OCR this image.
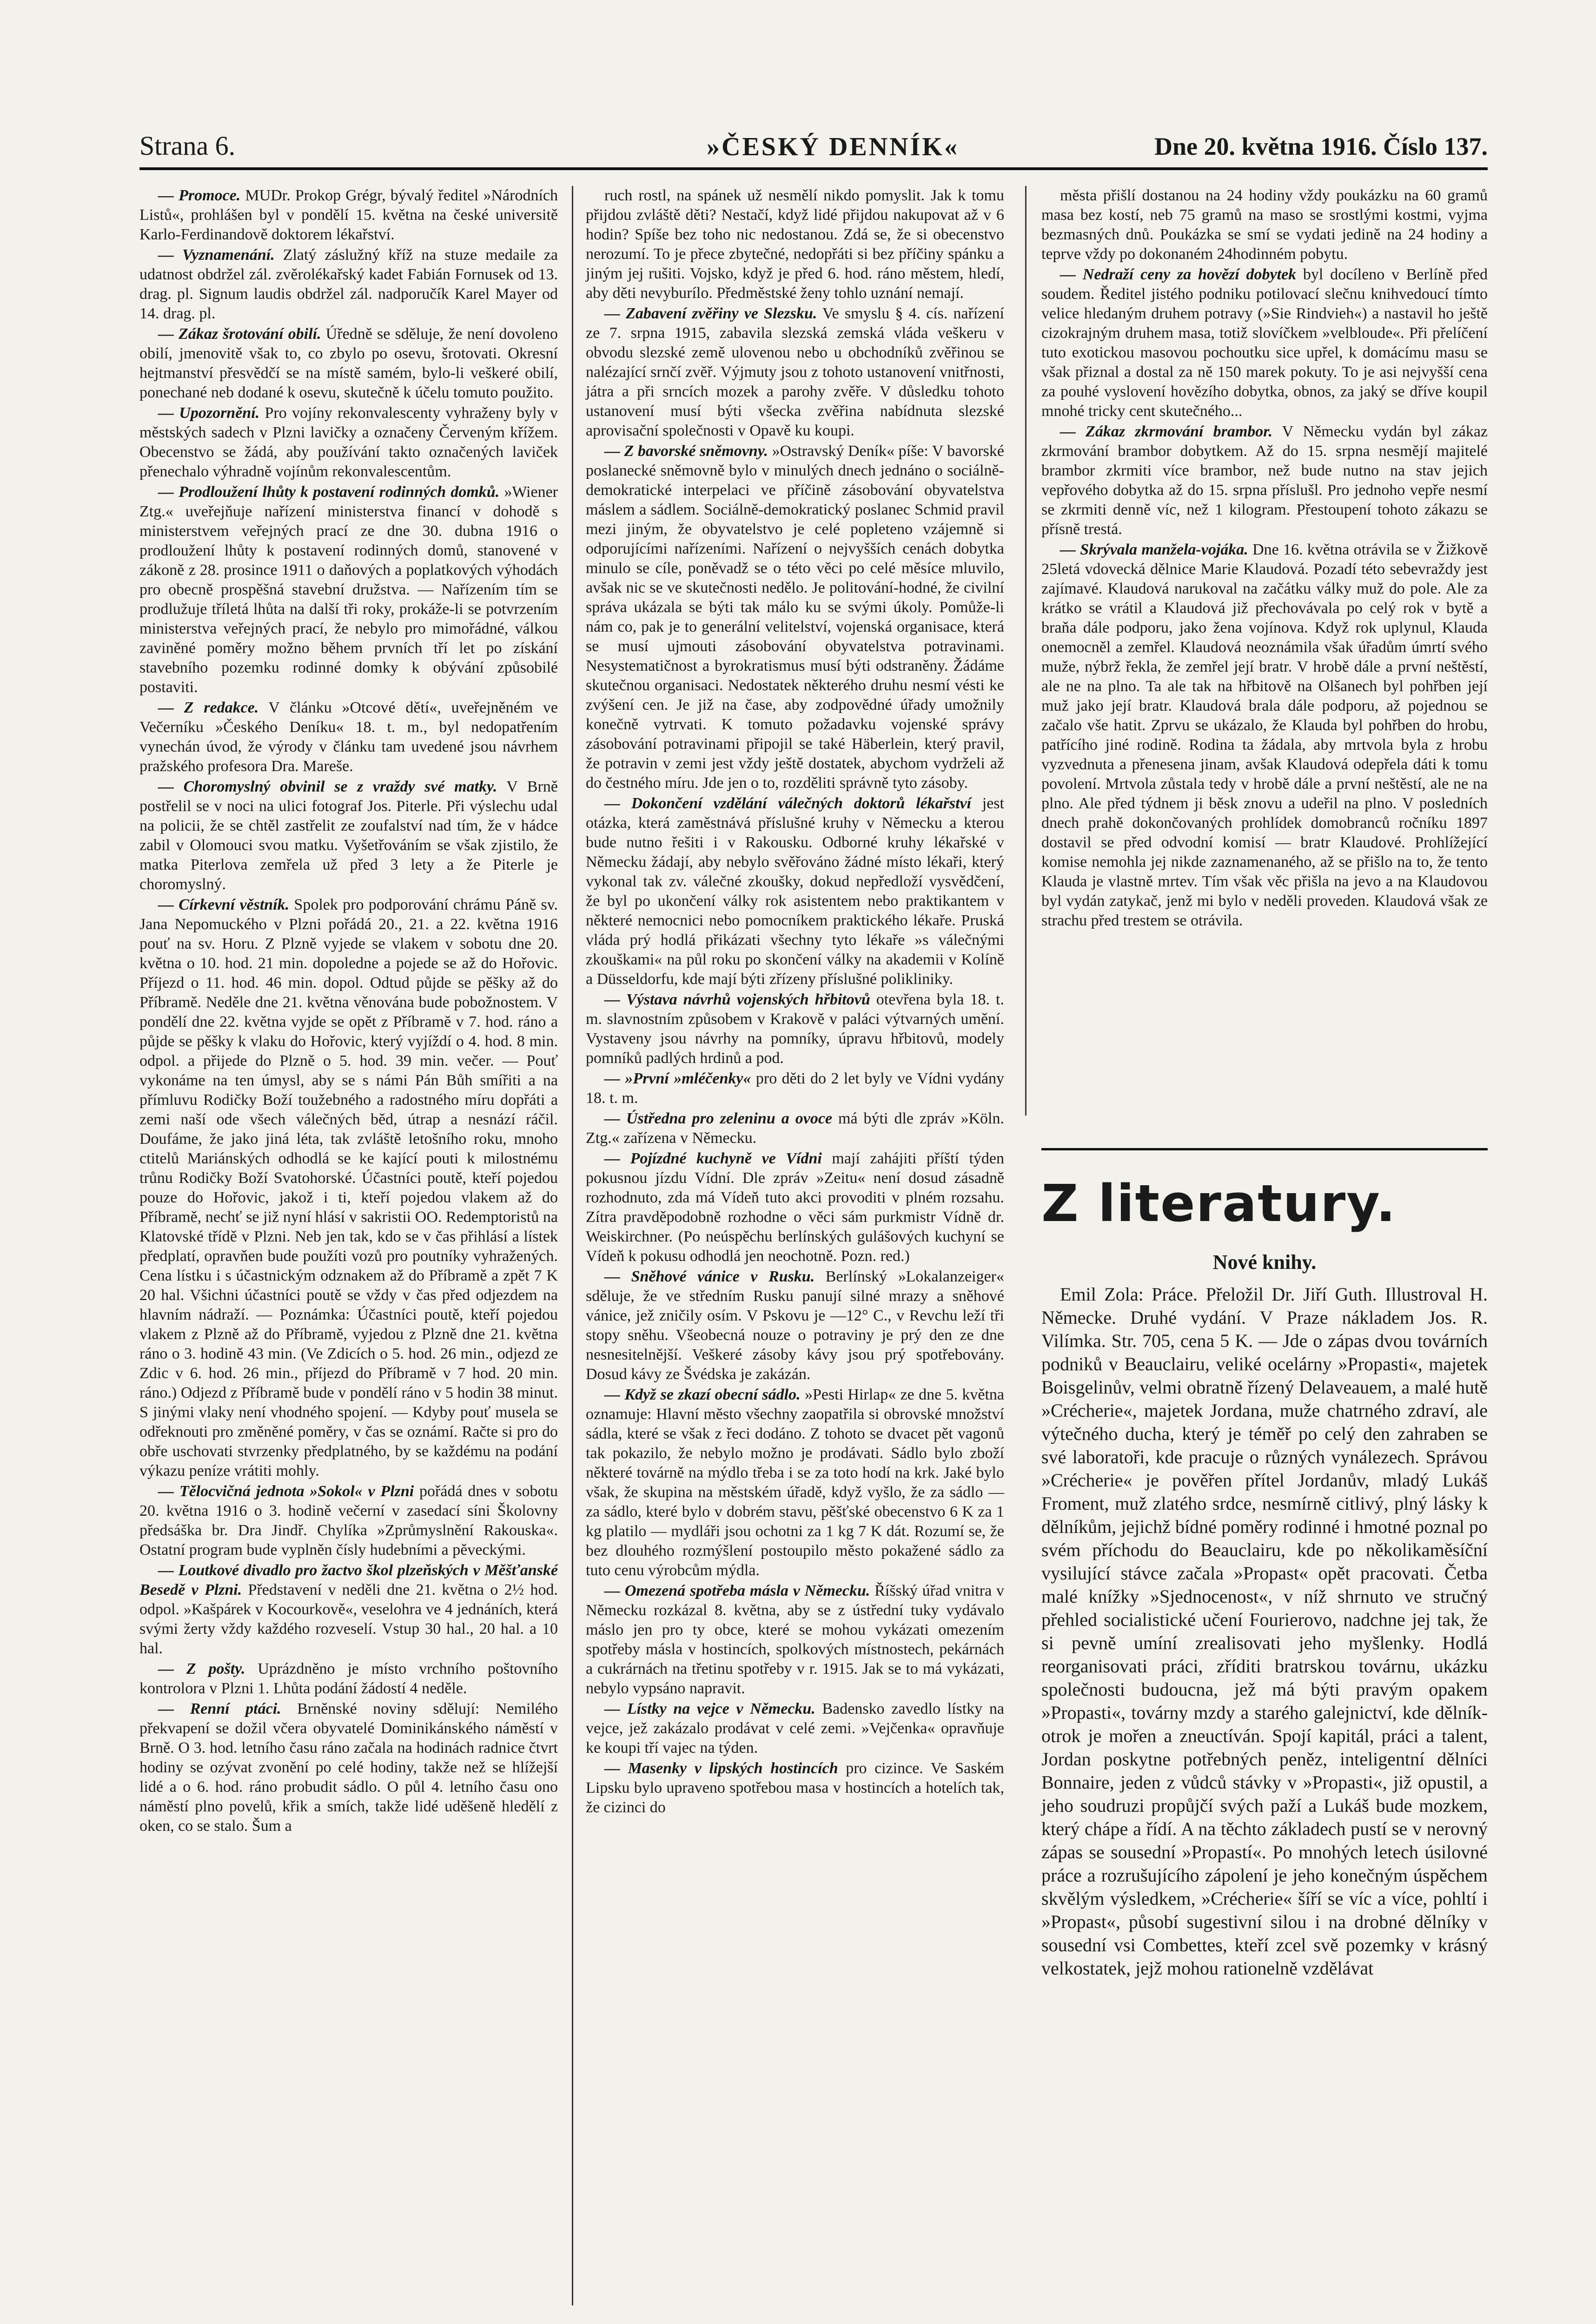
Strana 6.	»ČESKÝ DENNÍK«	Dne 20. května 1916. Číslo 137.

— Promoce. MUDr. Prokop Grégr, bývalý ředitel »Národních Listů«, prohlášen byl v pondělí 15. května na české universitě Karlo-Ferdinandově doktorem lékařství.

— Vyznamenání. Zlatý záslužný kříž na stuze medaile za udatnost obdržel zál. zvěrolékařský kadet Fabián Fornusek od 13. drag. pl. Signum laudis obdržel zál. nadporučík Karel Mayer od 14. drag. pl.

— Zákaz šrotování obilí. Úředně se sděluje, že není dovoleno obilí, jmenovitě však to, co zbylo po osevu, šrotovati. Okresní hejtmanství přesvědčí se na místě samém, bylo-li veškeré obilí, ponechané neb dodané k osevu, skutečně k účelu tomuto použito.

— Upozornění. Pro vojíny rekonvalescenty vyhraženy byly v městských sadech v Plzni lavičky a označeny Červeným křížem. Obecenstvo se žádá, aby používání takto označených laviček přenechalo výhradně vojínům rekonvalescentům.

— Prodloužení lhůty k postavení rodinných domků. »Wiener Ztg.« uveřejňuje nařízení ministerstva financí v dohodě s ministerstvem veřejných prací ze dne 30. dubna 1916 o prodloužení lhůty k postavení rodinných domů, stanovené v zákoně z 28. prosince 1911 o daňových a poplatkových výhodách pro obecně prospěšná stavební družstva. — Nařízením tím se prodlužuje tříletá lhůta na další tři roky, prokáže-li se potvrzením ministerstva veřejných prací, že nebylo pro mimořádné, válkou zaviněné poměry možno během prvních tří let po získání stavebního pozemku rodinné domky k obývání způsobilé postaviti.

— Z redakce. V článku »Otcové dětí«, uveřejněném ve Večerníku »Českého Deníku« 18. t. m., byl nedopatřením vynechán úvod, že výrody v článku tam uvedené jsou návrhem pražského profesora Dra. Mareše.

— Choromyslný obvinil se z vraždy své matky. V Brně postřelil se v noci na ulici fotograf Jos. Piterle. Při výslechu udal na policii, že se chtěl zastřelit ze zoufalství nad tím, že v hádce zabil v Olomouci svou matku. Vyšetřováním se však zjistilo, že matka Piterlova zemřela už před 3 lety a že Piterle je choromyslný.

— Církevní věstník. Spolek pro podporování chrámu Páně sv. Jana Nepomuckého v Plzni pořádá 20., 21. a 22. května 1916 pouť na sv. Horu. Z Plzně vyjede se vlakem v sobotu dne 20. května o 10. hod. 21 min. dopoledne a pojede se až do Hořovic. Příjezd o 11. hod. 46 min. dopol. Odtud půjde se pěšky až do Příbramě. Neděle dne 21. května věnována bude pobožnostem. V pondělí dne 22. května vyjde se opět z Příbramě v 7. hod. ráno a půjde se pěšky k vlaku do Hořovic, který vyjíždí o 4. hod. 8 min. odpol. a přijede do Plzně o 5. hod. 39 min. večer. — Pouť vykonáme na ten úmysl, aby se s námi Pán Bůh smířiti a na přímluvu Rodičky Boží toužebného a radostného míru dopřáti a zemi naší ode všech válečných běd, útrap a nesnází ráčil. Doufáme, že jako jiná léta, tak zvláště letošního roku, mnoho ctitelů Mariánských odhodlá se ke kající pouti k milostnému trůnu Rodičky Boží Svatohorské. Účastníci poutě, kteří pojedou pouze do Hořovic, jakož i ti, kteří pojedou vlakem až do Příbramě, nechť se již nyní hlásí v sakristii OO. Redemptoristů na Klatovské třídě v Plzni. Neb jen tak, kdo se v čas přihlásí a lístek předplatí, opravňen bude použíti vozů pro poutníky vyhražených. Cena lístku i s účastnickým odznakem až do Příbramě a zpět 7 K 20 hal. Všichni účastníci poutě se vždy v čas před odjezdem na hlavním nádraží. — Poznámka: Účastníci poutě, kteří pojedou vlakem z Plzně až do Příbramě, vyjedou z Plzně dne 21. května ráno o 3. hodině 43 min. (Ve Zdicích o 5. hod. 26 min., odjezd ze Zdic v 6. hod. 26 min., příjezd do Příbramě v 7 hod. 20 min. ráno.) Odjezd z Příbramě bude v pondělí ráno v 5 hodin 38 minut. S jinými vlaky není vhodného spojení. — Kdyby pouť musela se odřeknouti pro změněné poměry, v čas se oznámí. Račte si pro do obře uschovati stvrzenky předplatného, by se každému na podání výkazu peníze vrátiti mohly.

— Tělocvičná jednota »Sokol« v Plzni pořádá dnes v sobotu 20. května 1916 o 3. hodině večerní v zasedací síni Školovny předsáška br. Dra Jindř. Chylíka »Zprůmyslnění Rakouska«. Ostatní program bude vyplněn čísly hudebními a pěveckými.

— Loutkové divadlo pro žactvo škol plzeňských v Měšťanské Besedě v Plzni. Představení v neděli dne 21. května o 2½ hod. odpol. »Kašpárek v Kocourkově«, veselohra ve 4 jednáních, která svými žerty vždy každého rozveselí. Vstup 30 hal., 20 hal. a 10 hal.

— Z pošty. Uprázdněno je místo vrchního poštovního kontrolora v Plzni 1. Lhůta podání žádostí 4 neděle.

— Renní ptáci. Brněnské noviny sdělují: Nemilého překvapení se dožil včera obyvatelé Dominikánského náměstí v Brně. O 3. hod. letního času ráno začala na hodinách radnice čtvrt hodiny se ozývat zvonění po celé hodiny, takže než se hlížejší lidé a o 6. hod. ráno probudit sádlo. O půl 4. letního času ono náměstí plno povelů, křik a smích, takže lidé uděšeně hledělí z oken, co se stalo. Šum a

ruch rostl, na spánek už nesmělí nikdo pomyslit. Jak k tomu přijdou zvláště děti? Nestačí, když lidé přijdou nakupovat až v 6 hodin? Spíše bez toho nic nedostanou. Zdá se, že si obecenstvo nerozumí. To je přece zbytečné, nedopřáti si bez příčiny spánku a jiným jej rušiti. Vojsko, když je před 6. hod. ráno městem, hledí, aby děti nevyburílo. Předměstské ženy tohlo uznání nemají.

— Zabavení zvěřiny ve Slezsku. Ve smyslu § 4. cís. nařízení ze 7. srpna 1915, zabavila slezská zemská vláda veškeru v obvodu slezské země ulovenou nebo u obchodníků zvěřinou se nalézající srnčí zvěř. Výjmuty jsou z tohoto ustanovení vnitřnosti, játra a při srncích mozek a parohy zvěře. V důsledku tohoto ustanovení musí býti všecka zvěřina nabídnuta slezské aprovisační společnosti v Opavě ku koupi.

— Z bavorské sněmovny. »Ostravský Deník« píše: V bavorské poslanecké sněmovně bylo v minulých dnech jednáno o sociálně-demokratické interpelaci ve příčině zásobování obyvatelstva máslem a sádlem. Sociálně-demokratický poslanec Schmid pravil mezi jiným, že obyvatelstvo je celé popleteno vzájemně si odporujícími nařízeními. Nařízení o nejvyšších cenách dobytka minulo se cíle, poněvadž se o této věci po celé měsíce mluvilo, avšak nic se ve skutečnosti nedělo. Je politování-hodné, že civilní správa ukázala se býti tak málo ku se svými úkoly. Pomůže-li nám co, pak je to generální velitelství, vojenská organisace, která se musí ujmouti zásobování obyvatelstva potravinami. Nesystematičnost a byrokratismus musí býti odstraněny. Žádáme skutečnou organisaci. Nedostatek některého druhu nesmí vésti ke zvýšení cen. Je již na čase, aby zodpovědné úřady umožnily konečně vytrvati. K tomuto požadavku vojenské správy zásobování potravinami připojil se také Häberlein, který pravil, že potravin v zemi jest vždy ještě dostatek, abychom vydrželi až do čestného míru. Jde jen o to, rozděliti správně tyto zásoby.

— Dokončení vzdělání válečných doktorů lékařství jest otázka, která zaměstnává příslušné kruhy v Německu a kterou bude nutno řešiti i v Rakousku. Odborné kruhy lékařské v Německu žádají, aby nebylo svěřováno žádné místo lékaři, který vykonal tak zv. válečné zkoušky, dokud nepředloží vysvědčení, že byl po ukončení války rok asistentem nebo praktikantem v některé nemocnici nebo pomocníkem praktického lékaře. Pruská vláda prý hodlá přikázati všechny tyto lékaře »s válečnými zkouškami« na půl roku po skončení války na akademii v Kolíně a Düsseldorfu, kde mají býti zřízeny příslušné polikliniky.

— Výstava návrhů vojenských hřbitovů otevřena byla 18. t. m. slavnostním způsobem v Krakově v paláci výtvarných umění. Vystaveny jsou návrhy na pomníky, úpravu hřbitovů, modely pomníků padlých hrdinů a pod.

— »První »mléčenky« pro děti do 2 let byly ve Vídni vydány 18. t. m.

— Ústředna pro zeleninu a ovoce má býti dle zpráv »Köln. Ztg.« zařízena v Německu.

— Pojízdné kuchyně ve Vídni mají zahájiti příští týden pokusnou jízdu Vídní. Dle zpráv »Zeitu« není dosud zásadně rozhodnuto, zda má Vídeň tuto akci provoditi v plném rozsahu. Zítra pravděpodobně rozhodne o věci sám purkmistr Vídně dr. Weiskirchner. (Po neúspěchu berlínských gulášových kuchyní se Vídeň k pokusu odhodlá jen neochotně. Pozn. red.)

— Sněhové vánice v Rusku. Berlínský »Lokalanzeiger« sděluje, že ve středním Rusku panují silné mrazy a sněhové vánice, jež zničily osím. V Pskovu je —12° C., v Revchu leží tři stopy sněhu. Všeobecná nouze o potraviny je prý den ze dne nesnesitelnější. Veškeré zásoby kávy jsou prý spotřebovány. Dosud kávy ze Švédska je zakázán.

— Když se zkazí obecní sádlo. »Pesti Hirlap« ze dne 5. května oznamuje: Hlavní město všechny zaopatřila si obrovské množství sádla, které se však z řeci dodáno. Z tohoto se dvacet pět vagonů tak pokazilo, že nebylo možno je prodávati. Sádlo bylo zboží některé továrně na mýdlo třeba i se za toto hodí na krk. Jaké bylo však, že skupina na městském úřadě, když vyšlo, že za sádlo — za sádlo, které bylo v dobrém stavu, pěšťské obecenstvo 6 K za 1 kg platilo — mydláři jsou ochotni za 1 kg 7 K dát. Rozumí se, že bez dlouhého rozmýšlení postoupilo město pokažené sádlo za tuto cenu výrobcům mýdla.

— Omezená spotřeba másla v Německu. Říšský úřad vnitra v Německu rozkázal 8. května, aby se z ústřední tuky vydávalo máslo jen pro ty obce, které se mohou vykázati omezením spotřeby másla v hostincích, spolkových místnostech, pekárnách a cukrárnách na třetinu spotřeby v r. 1915. Jak se to má vykázati, nebylo vypsáno napravit.

— Lístky na vejce v Německu. Badensko zavedlo lístky na vejce, jež zakázalo prodávat v celé zemi. »Vejčenka« opravňuje ke koupi tří vajec na týden.

— Masenky v lipských hostincích pro cizince. Ve Saském Lipsku bylo upraveno spotřebou masa v hostincích a hotelích tak, že cizinci do

města přišlí dostanou na 24 hodiny vždy poukázku na 60 gramů masa bez kostí, neb 75 gramů na maso se srostlými kostmi, vyjma bezmasných dnů. Poukázka se smí se vydati jedině na 24 hodiny a teprve vždy po dokonaném 24hodinném pobytu.

— Nedraží ceny za hovězí dobytek byl docíleno v Berlíně před soudem. Ředitel jistého podniku potilovací slečnu knihvedoucí tímto velice hledaným druhem potravy (»Sie Rindvieh«) a nastavil ho ještě cizokrajným druhem masa, totiž slovíčkem »velbloude«. Při přelíčení tuto exotickou masovou pochoutku sice upřel, k domácímu masu se však přiznal a dostal za ně 150 marek pokuty. To je asi nejvyšší cena za pouhé vyslovení hovězího dobytka, obnos, za jaký se dříve koupil mnohé tricky cent skutečného...

— Zákaz zkrmování brambor. V Německu vydán byl zákaz zkrmování brambor dobytkem. Až do 15. srpna nesmějí majitelé brambor zkrmiti více brambor, než bude nutno na stav jejich vepřového dobytka až do 15. srpna příslušl. Pro jednoho vepře nesmí se zkrmiti denně víc, než 1 kilogram. Přestoupení tohoto zákazu se přísně trestá.

— Skrývala manžela-vojáka. Dne 16. května otrávila se v Žižkově 25letá vdovecká dělnice Marie Klaudová. Pozadí této sebevraždy jest zajímavé. Klaudová narukoval na začátku války muž do pole. Ale za krátko se vrátil a Klaudová již přechovávala po celý rok v bytě a braňa dále podporu, jako žena vojínova. Když rok uplynul, Klauda onemocněl a zemřel. Klaudová neoznámila však úřadům úmrtí svého muže, nýbrž řekla, že zemřel její bratr. V hrobě dále a první neštěstí, ale ne na plno. Ta ale tak na hřbitově na Olšanech byl pohřben její muž jako její bratr. Klaudová brala dále podporu, až pojednou se začalo vše hatit. Zprvu se ukázalo, že Klauda byl pohřben do hrobu, patřícího jiné rodině. Rodina ta žádala, aby mrtvola byla z hrobu vyzvednuta a přenesena jinam, avšak Klaudová odepřela dáti k tomu povolení. Mrtvola zůstala tedy v hrobě dále a první neštěstí, ale ne na plno. Ale před týdnem ji běsk znovu a udeřil na plno. V posledních dnech prahě dokončovaných prohlídek domobranců ročníku 1897 dostavil se před odvodní komisí — bratr Klaudové. Prohlížející komise nemohla jej nikde zaznamenaného, až se přišlo na to, že tento Klauda je vlastně mrtev. Tím však věc přišla na jevo a na Klaudovou byl vydán zatykač, jenž mi bylo v neděli proveden. Klaudová však ze strachu před trestem se otrávila.

Z literatury.
Nové knihy.

Emil Zola: Práce. Přeložil Dr. Jiří Guth. Illustroval H. Německe. Druhé vydání. V Praze nákladem Jos. R. Vilímka. Str. 705, cena 5 K. — Jde o zápas dvou továrních podniků v Beauclairu, veliké ocelárny »Propasti«, majetek Boisgelinův, velmi obratně řízený Delaveauem, a malé hutě »Crécherie«, majetek Jordana, muže chatrného zdraví, ale výtečného ducha, který je téměř po celý den zahraben se své laboratoři, kde pracuje o různých vynálezech. Správou »Crécherie« je pověřen přítel Jordanův, mladý Lukáš Froment, muž zlatého srdce, nesmírně citlivý, plný lásky k dělníkům, jejichž bídné poměry rodinné i hmotné poznal po svém příchodu do Beauclairu, kde po několikaměsíční vysilující stávce začala »Propast« opět pracovati. Četba malé knížky »Sjednocenost«, v níž shrnuto ve stručný přehled socialistické učení Fourierovo, nadchne jej tak, že si pevně umíní zrealisovati jeho myšlenky. Hodlá reorganisovati práci, zříditi bratrskou továrnu, ukázku společnosti budoucna, jež má býti pravým opakem »Propasti«, továrny mzdy a starého galejnictví, kde dělník-otrok je mořen a zneuctíván. Spojí kapitál, práci a talent, Jordan poskytne potřebných peněz, inteligentní dělníci Bonnaire, jeden z vůdců stávky v »Propasti«, již opustil, a jeho soudruzi propůjčí svých paží a Lukáš bude mozkem, který chápe a řídí. A na těchto základech pustí se v nerovný zápas se sousední »Propastí«. Po mnohých letech úsilovné práce a rozrušujícího zápolení je jeho konečným úspěchem skvělým výsledkem, »Crécherie« šíří se víc a více, pohltí i »Propast«, působí sugestivní silou i na drobné dělníky v sousední vsi Combettes, kteří zcel svě pozemky v krásný velkostatek, jejž mohou rationelně vzdělávat
